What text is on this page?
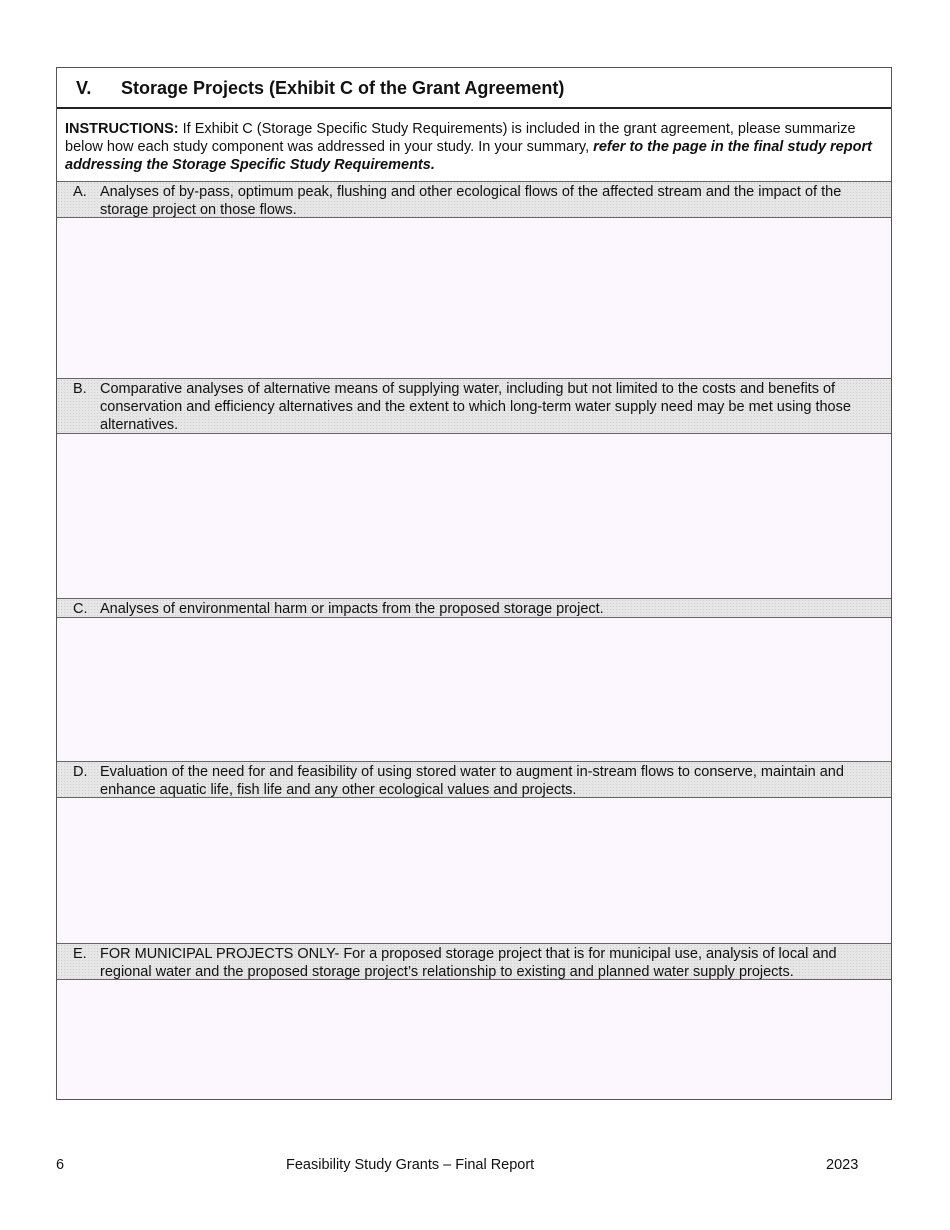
V. Storage Projects (Exhibit C of the Grant Agreement)
INSTRUCTIONS: If Exhibit C (Storage Specific Study Requirements) is included in the grant agreement, please summarize below how each study component was addressed in your study. In your summary, refer to the page in the final study report addressing the Storage Specific Study Requirements.
A. Analyses of by-pass, optimum peak, flushing and other ecological flows of the affected stream and the impact of the storage project on those flows.
B. Comparative analyses of alternative means of supplying water, including but not limited to the costs and benefits of conservation and efficiency alternatives and the extent to which long-term water supply need may be met using those alternatives.
C. Analyses of environmental harm or impacts from the proposed storage project.
D. Evaluation of the need for and feasibility of using stored water to augment in-stream flows to conserve, maintain and enhance aquatic life, fish life and any other ecological values and projects.
E. FOR MUNICIPAL PROJECTS ONLY- For a proposed storage project that is for municipal use, analysis of local and regional water and the proposed storage project’s relationship to existing and planned water supply projects.
6	Feasibility Study Grants – Final Report	2023
